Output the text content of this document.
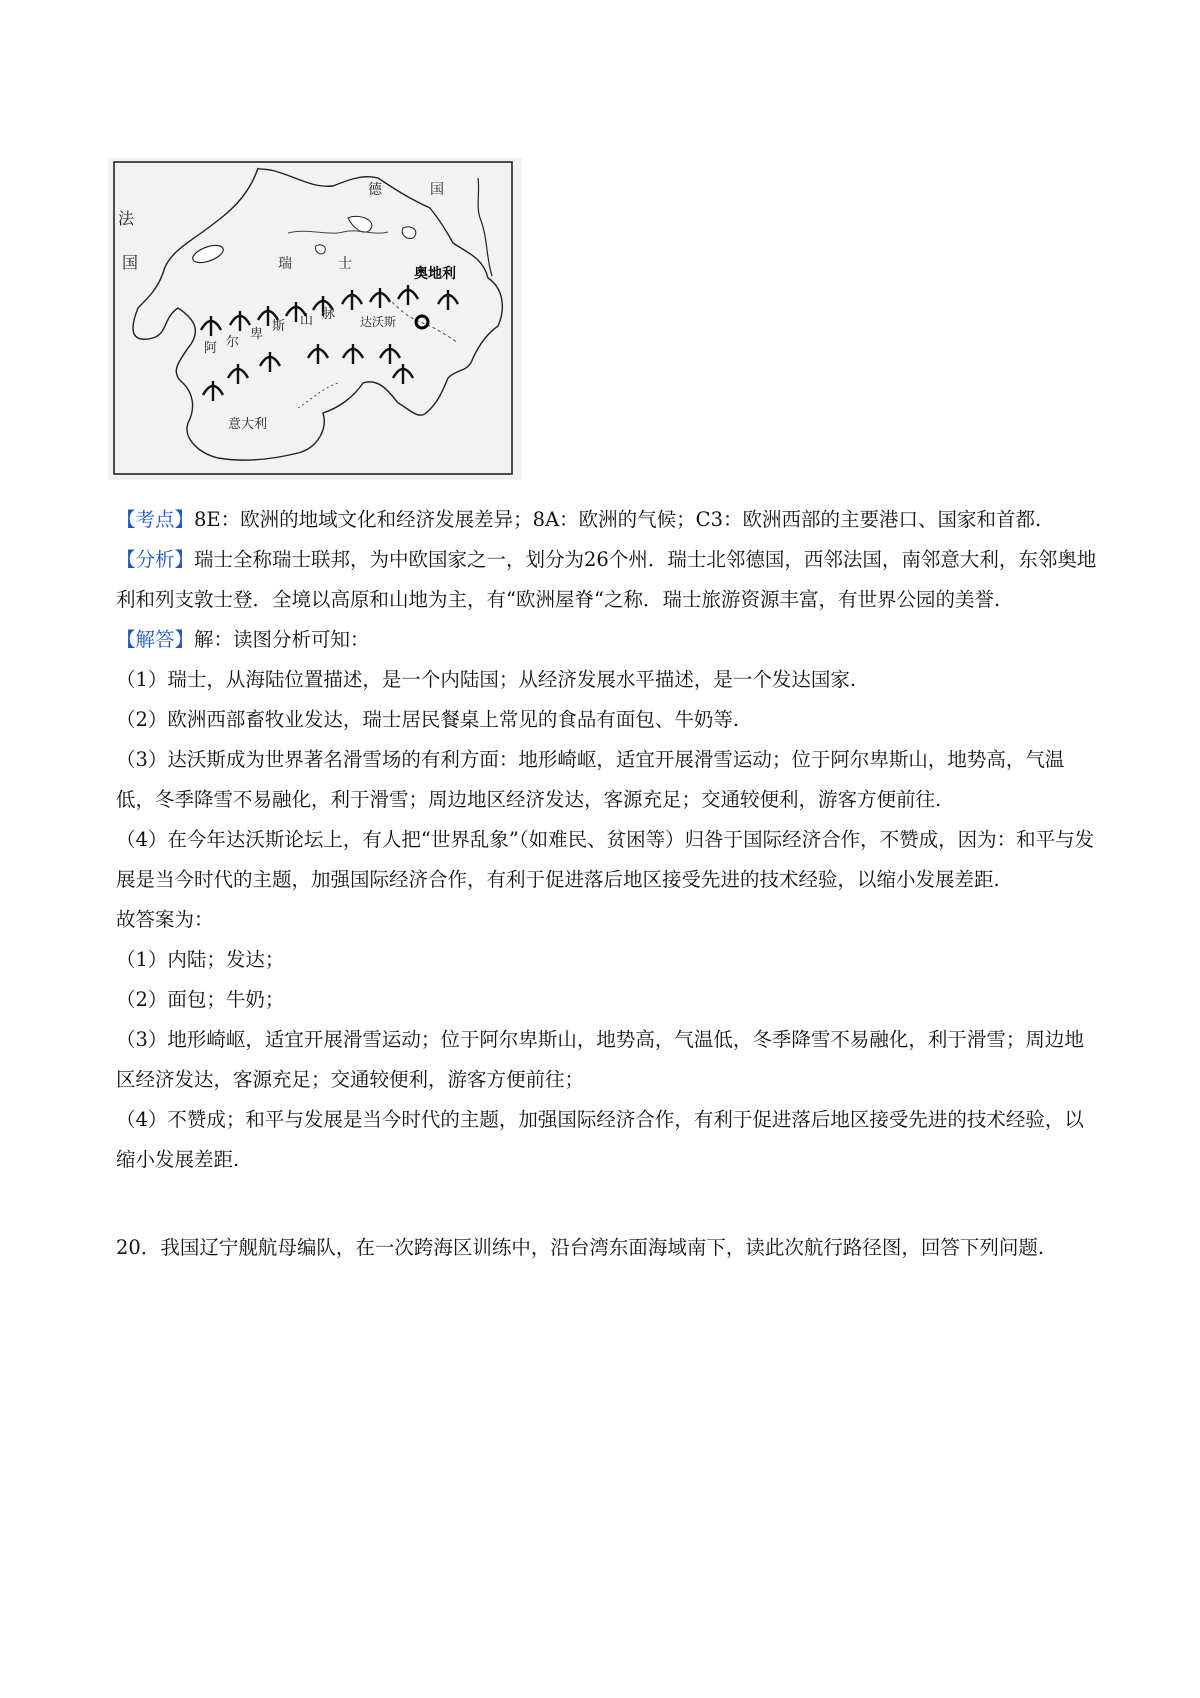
法
国
德	国
瑞	士
奥地利
达沃斯
阿 尔
卑
斯 山 脉
意大利

【考点】8E：欧洲的地域文化和经济发展差异；8A：欧洲的气候；C3：欧洲西部的主要港口、国家和首都.

【分析】瑞士全称瑞士联邦，为中欧国家之一，划分为26个州．瑞士北邻德国，西邻法国，南邻意大利，东邻奥地利和列支敦士登．全境以高原和山地为主，有“欧洲屋脊“之称．瑞士旅游资源丰富，有世界公园的美誉.

【解答】解：读图分析可知：

（1）瑞士，从海陆位置描述，是一个内陆国；从经济发展水平描述，是一个发达国家.

（2）欧洲西部畜牧业发达，瑞士居民餐桌上常见的食品有面包、牛奶等.

（3）达沃斯成为世界著名滑雪场的有利方面：地形崎岖，适宜开展滑雪运动；位于阿尔卑斯山，地势高，气温低，冬季降雪不易融化，利于滑雪；周边地区经济发达，客源充足；交通较便利，游客方便前往.

（4）在今年达沃斯论坛上，有人把“世界乱象”（如难民、贫困等）归咎于国际经济合作，不赞成，因为：和平与发展是当今时代的主题，加强国际经济合作，有利于促进落后地区接受先进的技术经验，以缩小发展差距.

故答案为：

（1）内陆；发达；

（2）面包；牛奶；

（3）地形崎岖，适宜开展滑雪运动；位于阿尔卑斯山，地势高，气温低，冬季降雪不易融化，利于滑雪；周边地区经济发达，客源充足；交通较便利，游客方便前往；

（4）不赞成；和平与发展是当今时代的主题，加强国际经济合作，有利于促进落后地区接受先进的技术经验，以缩小发展差距.

20．我国辽宁舰航母编队，在一次跨海区训练中，沿台湾东面海域南下，读此次航行路径图，回答下列问题.
